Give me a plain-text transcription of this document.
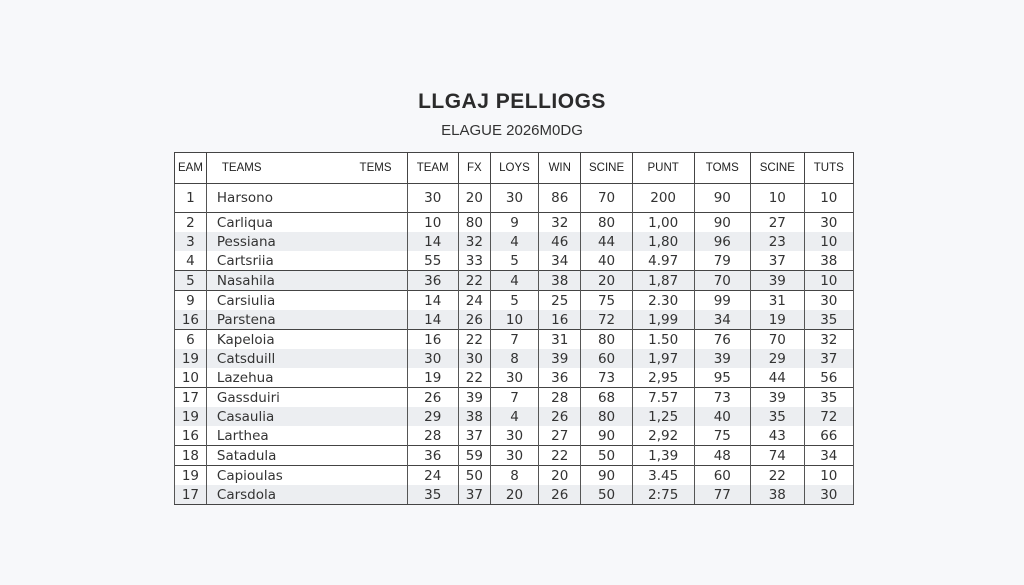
LLGAJ PELLIOGS
ELAGUE 2026M0DG
EAM	TEAMS TEMS	TEAM	FX	LOYS	WIN	SCINE	PUNT	TOMS	SCINE	TUTS
1	Harsono	30	20	30	86	70	200	90	10	10
2	Carliqua	10	80	9	32	80	1,00	90	27	30
3	Pessiana	14	32	4	46	44	1,80	96	23	10
4	Cartsriia	55	33	5	34	40	4.97	79	37	38
5	Nasahila	36	22	4	38	20	1,87	70	39	10
9	Carsiulia	14	24	5	25	75	2.30	99	31	30
16	Parstena	14	26	10	16	72	1,99	34	19	35
6	Kapeloia	16	22	7	31	80	1.50	76	70	32
19	Catsduill	30	30	8	39	60	1,97	39	29	37
10	Lazehua	19	22	30	36	73	2,95	95	44	56
17	Gassduiri	26	39	7	28	68	7.57	73	39	35
19	Casaulia	29	38	4	26	80	1,25	40	35	72
16	Larthea	28	37	30	27	90	2,92	75	43	66
18	Satadula	36	59	30	22	50	1,39	48	74	34
19	Capioulas	24	50	8	20	90	3.45	60	22	10
17	Carsdola	35	37	20	26	50	2:75	77	38	30
